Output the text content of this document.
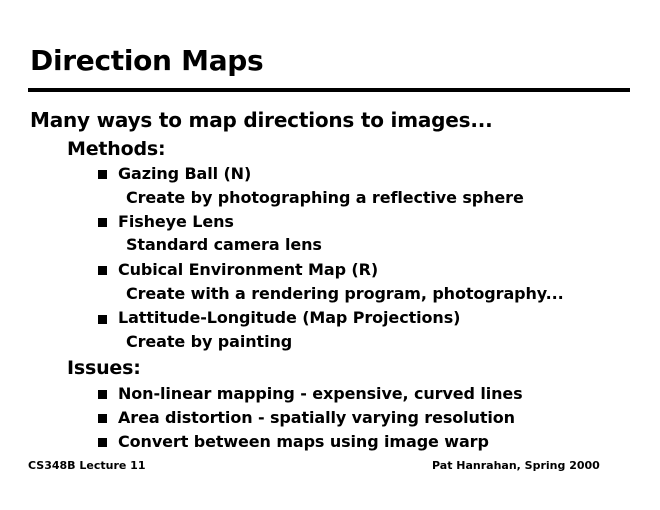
Direction Maps
Many ways to map directions to images...
Methods:
Gazing Ball (N)
Create by photographing a reflective sphere
Fisheye Lens
Standard camera lens
Cubical Environment Map (R)
Create with a rendering program, photography...
Lattitude-Longitude (Map Projections)
Create by painting
Issues:
Non-linear mapping - expensive, curved lines
Area distortion - spatially varying resolution
Convert between maps using image warp
CS348B Lecture 11	Pat Hanrahan, Spring 2000
